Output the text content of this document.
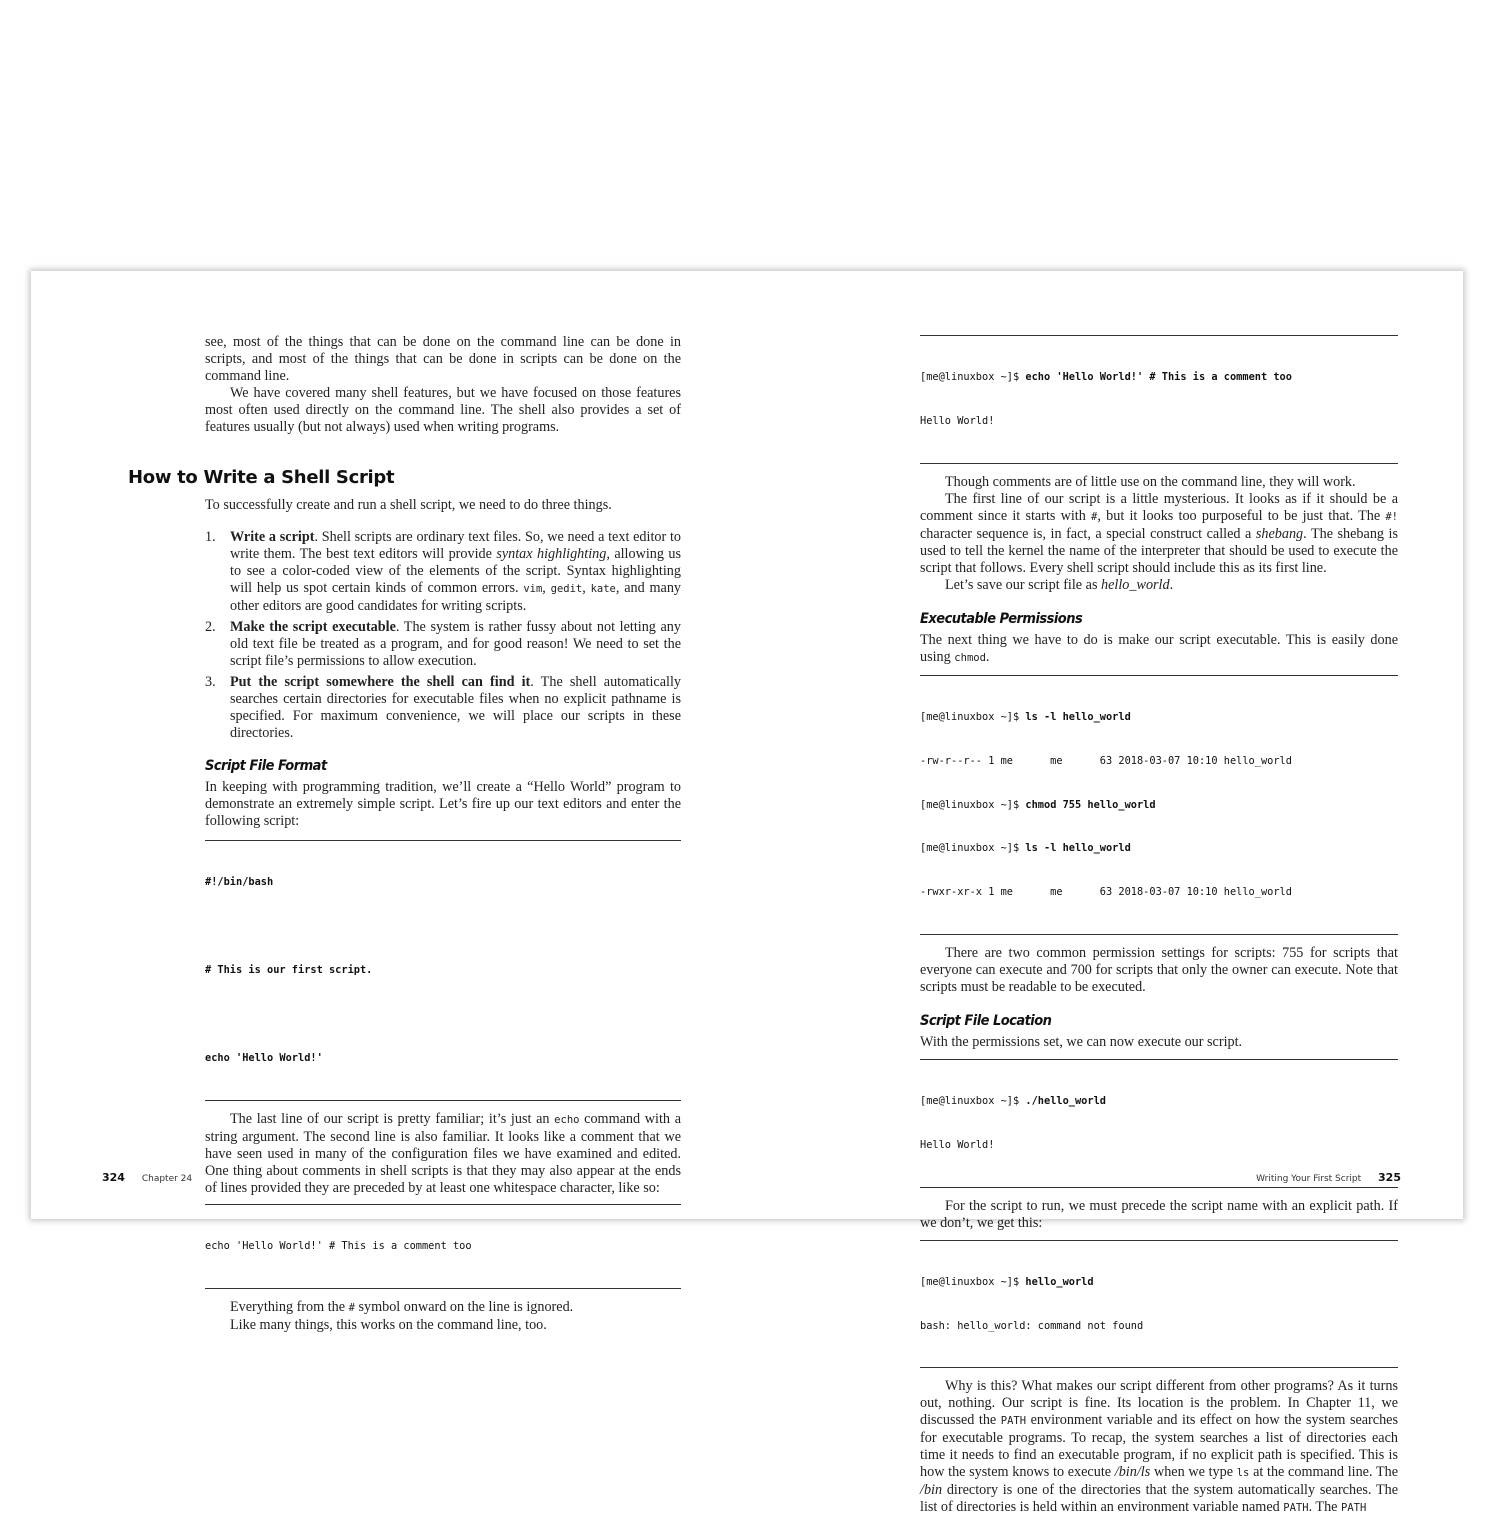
see, most of the things that can be done on the command line can be done in scripts, and most of the things that can be done in scripts can be done on the command line.

We have covered many shell features, but we have focused on those features most often used directly on the command line. The shell also provides a set of features usually (but not always) used when writing programs.

How to Write a Shell Script

To successfully create and run a shell script, we need to do three things.

1. Write a script. Shell scripts are ordinary text files. So, we need a text editor to write them. The best text editors will provide syntax highlighting, allowing us to see a color-coded view of the elements of the script. Syntax highlighting will help us spot certain kinds of common errors. vim, gedit, kate, and many other editors are good candidates for writing scripts.
2. Make the script executable. The system is rather fussy about not letting any old text file be treated as a program, and for good reason! We need to set the script file’s permissions to allow execution.
3. Put the script somewhere the shell can find it. The shell automatically searches certain directories for executable files when no explicit pathname is specified. For maximum convenience, we will place our scripts in these directories.
Script File Format

In keeping with programming tradition, we’ll create a “Hello World” program to demonstrate an extremely simple script. Let’s fire up our text editors and enter the following script:

#!/bin/bash

# This is our first script.

echo 'Hello World!'

The last line of our script is pretty familiar; it’s just an echo command with a string argument. The second line is also familiar. It looks like a comment that we have seen used in many of the configuration files we have examined and edited. One thing about comments in shell scripts is that they may also appear at the ends of lines provided they are preceded by at least one whitespace character, like so:

echo 'Hello World!' # This is a comment too

Everything from the # symbol onward on the line is ignored.

Like many things, this works on the command line, too.

324 Chapter 24

[me@linuxbox ~]$ echo 'Hello World!' # This is a comment too

Hello World!

Though comments are of little use on the command line, they will work.

The first line of our script is a little mysterious. It looks as if it should be a comment since it starts with #, but it looks too purposeful to be just that. The #! character sequence is, in fact, a special construct called a shebang. The shebang is used to tell the kernel the name of the interpreter that should be used to execute the script that follows. Every shell script should include this as its first line.

Let’s save our script file as hello_world.

Executable Permissions

The next thing we have to do is make our script executable. This is easily done using chmod.

[me@linuxbox ~]$ ls -l hello_world

-rw-r--r-- 1 me      me      63 2018-03-07 10:10 hello_world

[me@linuxbox ~]$ chmod 755 hello_world

[me@linuxbox ~]$ ls -l hello_world

-rwxr-xr-x 1 me      me      63 2018-03-07 10:10 hello_world

There are two common permission settings for scripts: 755 for scripts that everyone can execute and 700 for scripts that only the owner can execute. Note that scripts must be readable to be executed.

Script File Location

With the permissions set, we can now execute our script.

[me@linuxbox ~]$ ./hello_world

Hello World!

For the script to run, we must precede the script name with an explicit path. If we don’t, we get this:

[me@linuxbox ~]$ hello_world

bash: hello_world: command not found

Why is this? What makes our script different from other programs? As it turns out, nothing. Our script is fine. Its location is the problem. In Chapter 11, we discussed the PATH environment variable and its effect on how the system searches for executable programs. To recap, the system searches a list of directories each time it needs to find an executable program, if no explicit path is specified. This is how the system knows to execute /bin/ls when we type ls at the command line. The /bin directory is one of the directories that the system automatically searches. The list of directories is held within an environment variable named PATH. The PATH

Writing Your First Script 325
